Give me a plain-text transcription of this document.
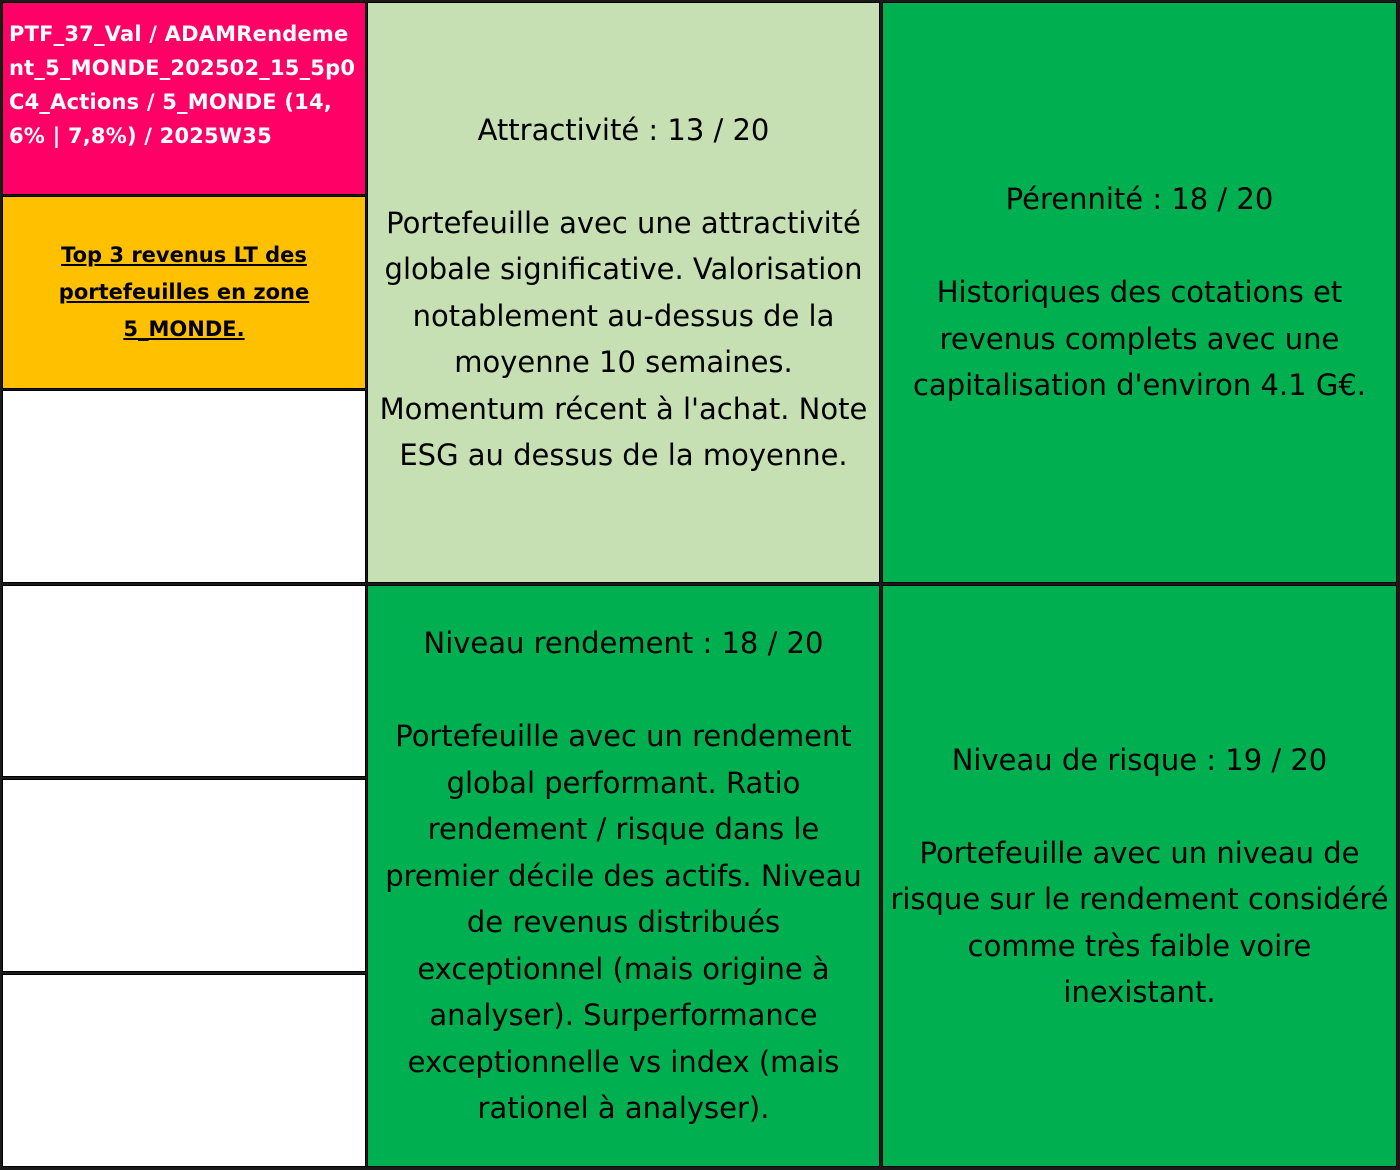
PTF_37_Val / ADAMRendement_5_MONDE_202502_15_5p0 C4_Actions / 5_MONDE (14,6% | 7,8%) / 2025W35
Top 3 revenus LT des portefeuilles en zone 5_MONDE.
Attractivité : 13 / 20
Portefeuille avec une attractivité globale significative. Valorisation notablement au-dessus de la moyenne 10 semaines. Momentum récent à l'achat. Note ESG au dessus de la moyenne.
Pérennité : 18 / 20
Historiques des cotations et revenus complets avec une capitalisation d'environ 4.1 G€.
Niveau rendement : 18 / 20
Portefeuille avec un rendement global performant. Ratio rendement / risque dans le premier décile des actifs. Niveau de revenus distribués exceptionnel (mais origine à analyser). Surperformance exceptionnelle vs index (mais rationel à analyser).
Niveau de risque : 19 / 20
Portefeuille avec un niveau de risque sur le rendement considéré comme très faible voire inexistant.
